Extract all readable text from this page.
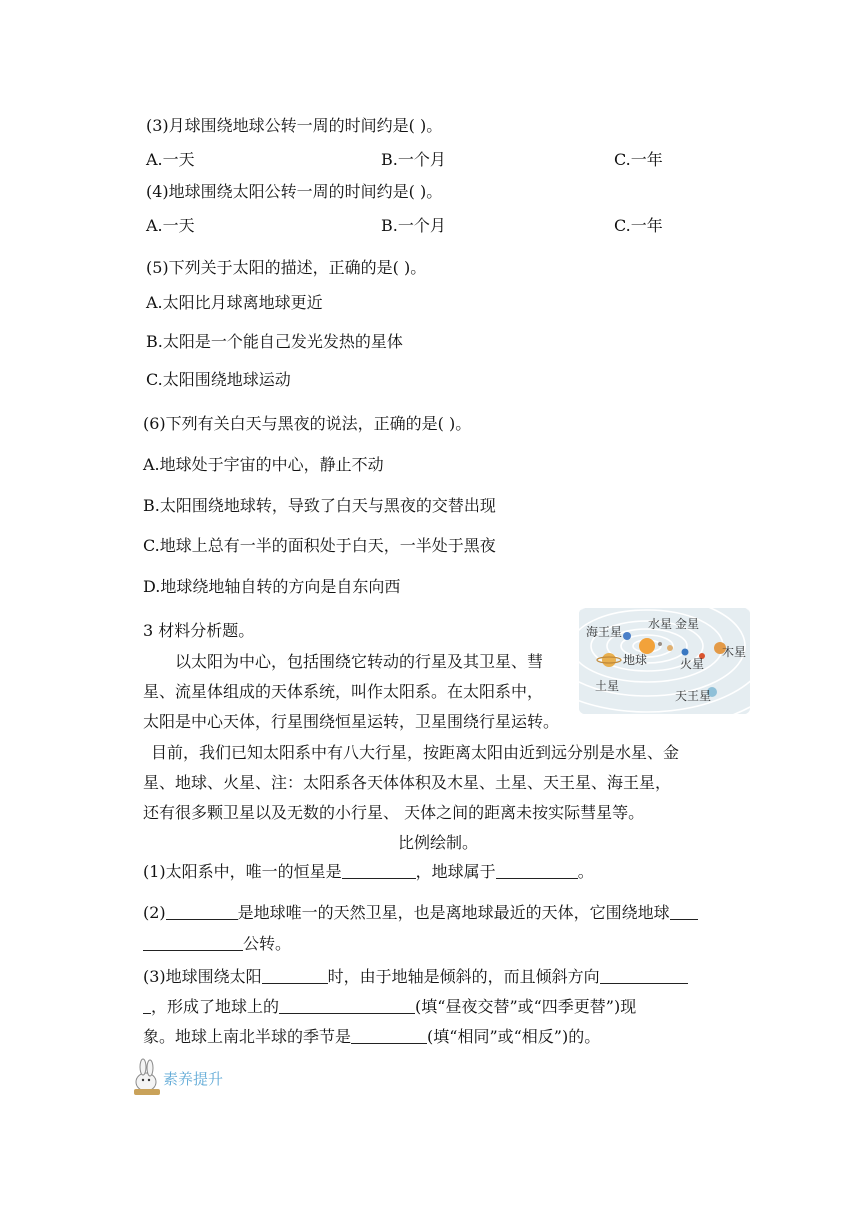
(3)月球围绕地球公转一周的时间约是( )。
A.一天	B.一个月	C.一年
(4)地球围绕太阳公转一周的时间约是( )。
A.一天	B.一个月	C.一年
(5)下列关于太阳的描述，正确的是( )。
A.太阳比月球离地球更近
B.太阳是一个能自己发光发热的星体
C.太阳围绕地球运动
(6)下列有关白天与黑夜的说法，正确的是( )。
A.地球处于宇宙的中心，静止不动
B.太阳围绕地球转，导致了白天与黑夜的交替出现
C.地球上总有一半的面积处于白天，一半处于黑夜
D.地球绕地轴自转的方向是自东向西
3 材料分析题。
以太阳为中心，包括围绕它转动的行星及其卫星、彗
星、流星体组成的天体系统，叫作太阳系。在太阳系中，
太阳是中心天体，行星围绕恒星运转，卫星围绕行星运转。
目前，我们已知太阳系中有八大行星，按距离太阳由近到远分别是水星、金
星、地球、火星、注：太阳系各天体体积及木星、土星、天王星、海王星，
还有很多颗卫星以及无数的小行星、 天体之间的距离未按实际彗星等。
比例绘制。
海王星
水星 金星
地球	火星
木星
土星
天王星
(1)太阳系中，唯一的恒星是	，地球属于	。
(2)	是地球唯一的天然卫星，也是离地球最近的天体，它围绕地球
公转。
(3)地球围绕太阳	时，由于地轴是倾斜的，而且倾斜方向
，形成了地球上的	(填“昼夜交替”或“四季更替”)现
象。地球上南北半球的季节是	(填“相同”或“相反”)的。
素养提升
